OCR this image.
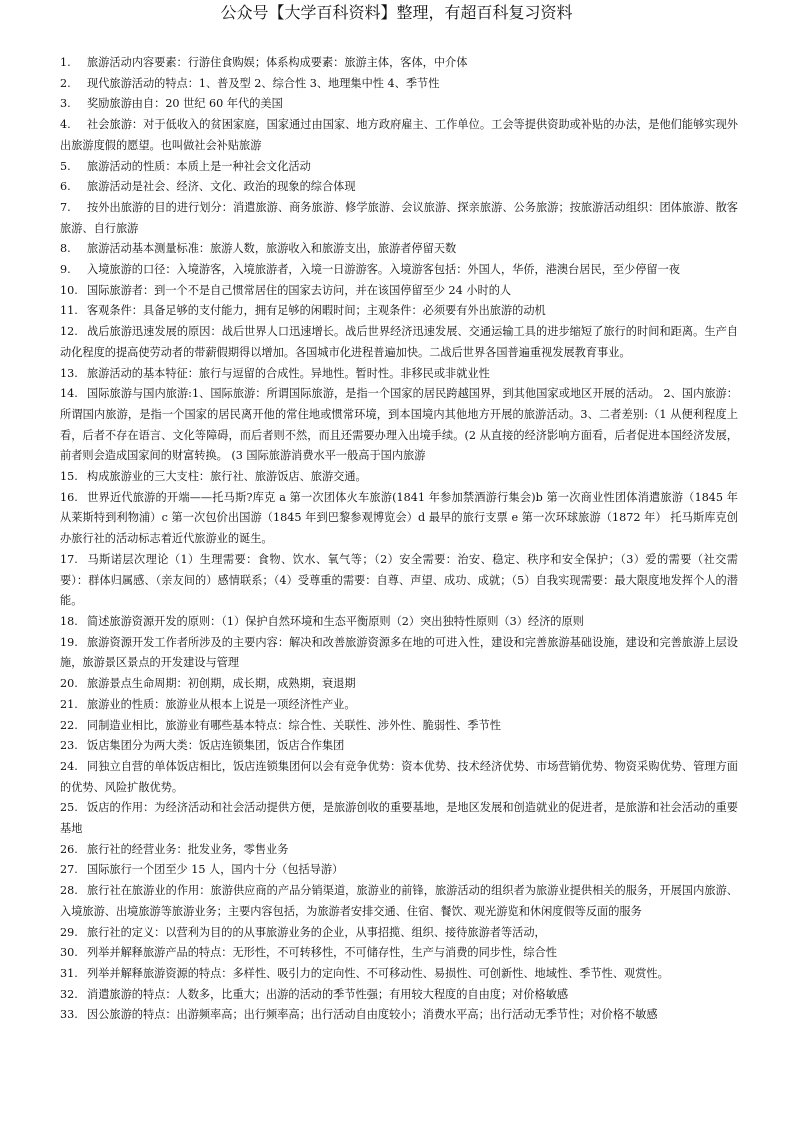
公众号【大学百科资料】整理，有超百科复习资料
1. 旅游活动内容要素：行游住食购娱；体系构成要素：旅游主体，客体，中介体
2. 现代旅游活动的特点：1、普及型 2、综合性 3、地理集中性 4、季节性
3. 奖励旅游由自：20 世纪 60 年代的美国
4. 社会旅游：对于低收入的贫困家庭，国家通过由国家、地方政府雇主、工作单位。工会等提供资助或补贴的办法，是他们能够实现外出旅游度假的愿望。也叫做社会补贴旅游
5. 旅游活动的性质：本质上是一种社会文化活动
6. 旅游活动是社会、经济、文化、政治的现象的综合体现
7. 按外出旅游的目的进行划分：消遣旅游、商务旅游、修学旅游、会议旅游、探亲旅游、公务旅游；按旅游活动组织：团体旅游、散客旅游、自行旅游
8. 旅游活动基本测量标准：旅游人数，旅游收入和旅游支出，旅游者停留天数
9. 入境旅游的口径：入境游客，入境旅游者，入境一日游游客。入境游客包括：外国人，华侨，港澳台居民，至少停留一夜
10. 国际旅游者：到一个不是自己惯常居住的国家去访问，并在该国停留至少 24 小时的人
11. 客观条件：具备足够的支付能力，拥有足够的闲暇时间；主观条件：必须要有外出旅游的动机
12. 战后旅游迅速发展的原因：战后世界人口迅速增长。战后世界经济迅速发展、交通运输工具的进步缩短了旅行的时间和距离。生产自动化程度的提高使劳动者的带薪假期得以增加。各国城市化进程普遍加快。二战后世界各国普遍重视发展教育事业。
13. 旅游活动的基本特征：旅行与逗留的合成性。异地性。暂时性。非移民或非就业性
14. 国际旅游与国内旅游:1、国际旅游：所谓国际旅游，是指一个国家的居民跨越国界，到其他国家或地区开展的活动。 2、国内旅游：所谓国内旅游，是指一个国家的居民离开他的常住地或惯常环境，到本国境内其他地方开展的旅游活动。3、二者差别:（1 从便利程度上看，后者不存在语言、文化等障碍，而后者则不然，而且还需要办理入出境手续。(2 从直接的经济影响方面看，后者促进本国经济发展，前者则会造成国家间的财富转换。 (3 国际旅游消费水平一般高于国内旅游
15. 构成旅游业的三大支柱：旅行社、旅游饭店、旅游交通。
16. 世界近代旅游的开端——托马斯?库克 a 第一次团体火车旅游(1841 年参加禁酒游行集会)b 第一次商业性团体消遣旅游（1845 年从莱斯特到利物浦）c 第一次包价出国游（1845 年到巴黎参观博览会）d 最早的旅行支票 e 第一次环球旅游（1872 年） 托马斯库克创办旅行社的活动标志着近代旅游业的诞生。
17. 马斯诺层次理论（1）生理需要：食物、饮水、氧气等；（2）安全需要：治安、稳定、秩序和安全保护；（3）爱的需要（社交需要）：群体归属感、（亲友间的）感情联系；（4）受尊重的需要：自尊、声望、成功、成就；（5）自我实现需要：最大限度地发挥个人的潜能。
18. 简述旅游资源开发的原则：（1）保护自然环境和生态平衡原则（2）突出独特性原则（3）经济的原则
19. 旅游资源开发工作者所涉及的主要内容：解决和改善旅游资源多在地的可进入性，建设和完善旅游基础设施，建设和完善旅游上层设施，旅游景区景点的开发建设与管理
20. 旅游景点生命周期：初创期，成长期，成熟期，衰退期
21. 旅游业的性质：旅游业从根本上说是一项经济性产业。
22. 同制造业相比，旅游业有哪些基本特点：综合性、关联性、涉外性、脆弱性、季节性
23. 饭店集团分为两大类：饭店连锁集团，饭店合作集团
24. 同独立自营的单体饭店相比，饭店连锁集团何以会有竞争优势：资本优势、技术经济优势、市场营销优势、物资采购优势、管理方面的优势、风险扩散优势。
25. 饭店的作用：为经济活动和社会活动提供方便，是旅游创收的重要基地，是地区发展和创造就业的促进者，是旅游和社会活动的重要基地
26. 旅行社的经营业务：批发业务，零售业务
27. 国际旅行一个团至少 15 人，国内十分（包括导游）
28. 旅行社在旅游业的作用：旅游供应商的产品分销渠道，旅游业的前锋，旅游活动的组织者为旅游业提供相关的服务，开展国内旅游、入境旅游、出境旅游等旅游业务；主要内容包括，为旅游者安排交通、住宿、餐饮、观光游览和休闲度假等反面的服务
29. 旅行社的定义：以营利为目的的从事旅游业务的企业，从事招揽、组织、接待旅游者等活动，
30. 列举并解释旅游产品的特点：无形性，不可转移性，不可储存性，生产与消费的同步性，综合性
31. 列举并解释旅游资源的特点：多样性、吸引力的定向性、不可移动性、易损性、可创新性、地域性、季节性、观赏性。
32. 消遣旅游的特点：人数多，比重大；出游的活动的季节性强；有用较大程度的自由度；对价格敏感
33. 因公旅游的特点：出游频率高；出行频率高；出行活动自由度较小；消费水平高；出行活动无季节性；对价格不敏感
